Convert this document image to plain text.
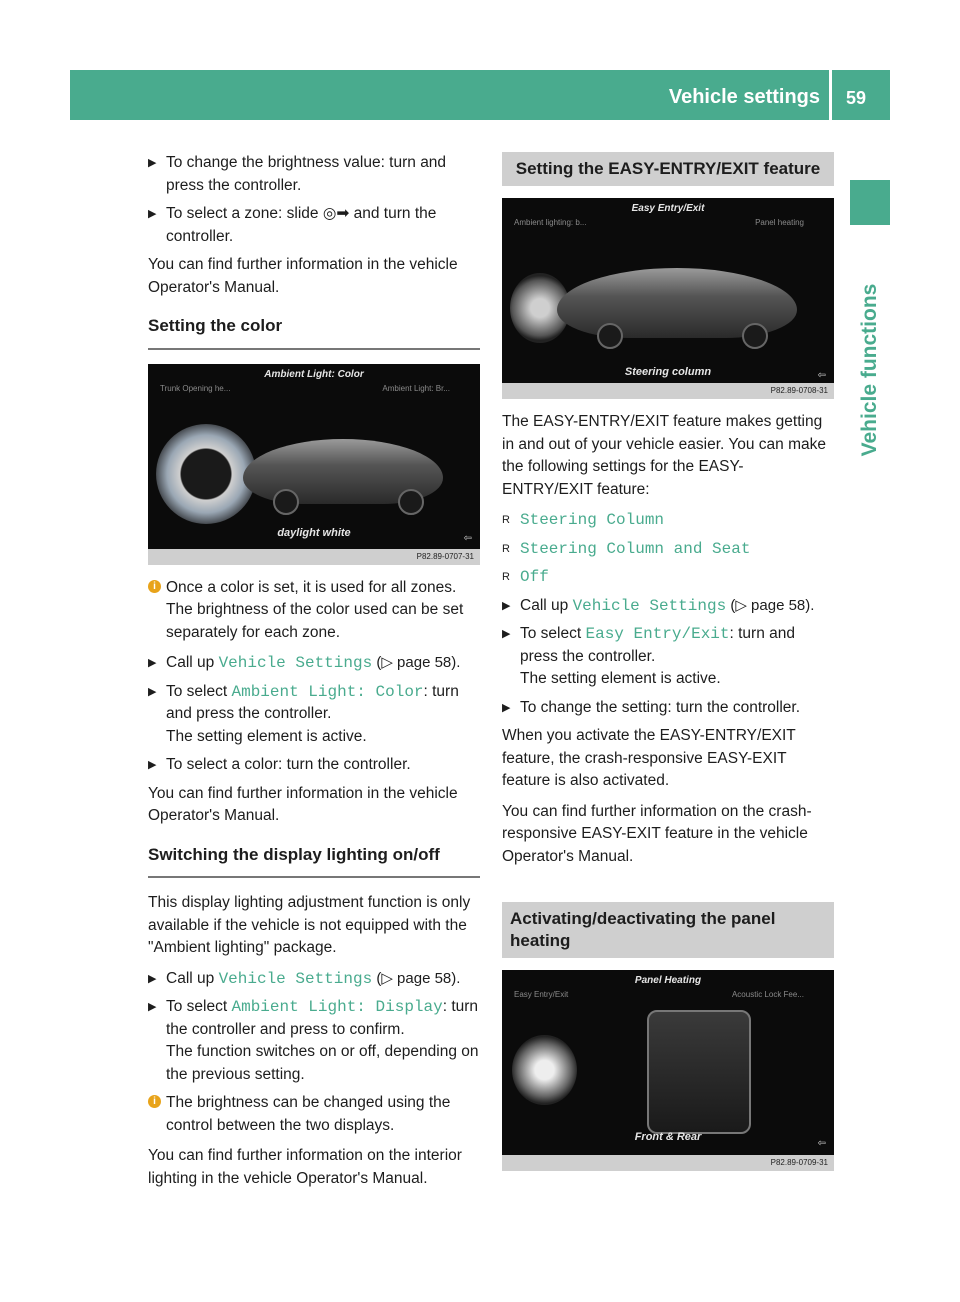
Vehicle settings 59
Vehicle functions
▶ To change the brightness value: turn and
press the controller.
▶ To select a zone: slide ◎➡ and turn the
controller.

You can find further information in the vehicle Operator's Manual.

Setting the color
Ambient Light: Color
Trunk Opening he...	Ambient Light: Br...
daylight white	⇦
P82.89-0707-31
i Once a color is set, it is used for all zones. The brightness of the color used can be set separately for each zone.
▶ Call up Vehicle Settings (▷ page 58).
▶ To select Ambient Light: Color: turn
and press the controller.
The setting element is active.
▶ To select a color: turn the controller.

You can find further information in the vehicle Operator's Manual.

Switching the display lighting on/off

This display lighting adjustment function is only available if the vehicle is not equipped with the "Ambient lighting" package.

▶ Call up Vehicle Settings (▷ page 58).
▶ To select Ambient Light: Display: turn
the controller and press to confirm.
The function switches on or off, depending on the previous setting.
i The brightness can be changed using the control between the two displays.

You can find further information on the interior lighting in the vehicle Operator's Manual.

Setting the EASY-ENTRY/EXIT feature
Easy Entry/Exit
Ambient lighting: b...	Panel heating
Steering column	⇦
P82.89-0708-31

The EASY-ENTRY/EXIT feature makes getting in and out of your vehicle easier. You can make the following settings for the EASY-ENTRY/EXIT feature:

R Steering Column
R Steering Column and Seat
R Off
▶ Call up Vehicle Settings (▷ page 58).
▶ To select Easy Entry/Exit: turn and
press the controller.
The setting element is active.
▶ To change the setting: turn the controller.

When you activate the EASY-ENTRY/EXIT feature, the crash-responsive EASY-EXIT feature is also activated.

You can find further information on the crash-responsive EASY-EXIT feature in the vehicle Operator's Manual.

Activating/deactivating the panel heating
Panel Heating
Easy Entry/Exit	Acoustic Lock Fee...
Front & Rear
⇦
P82.89-0709-31
